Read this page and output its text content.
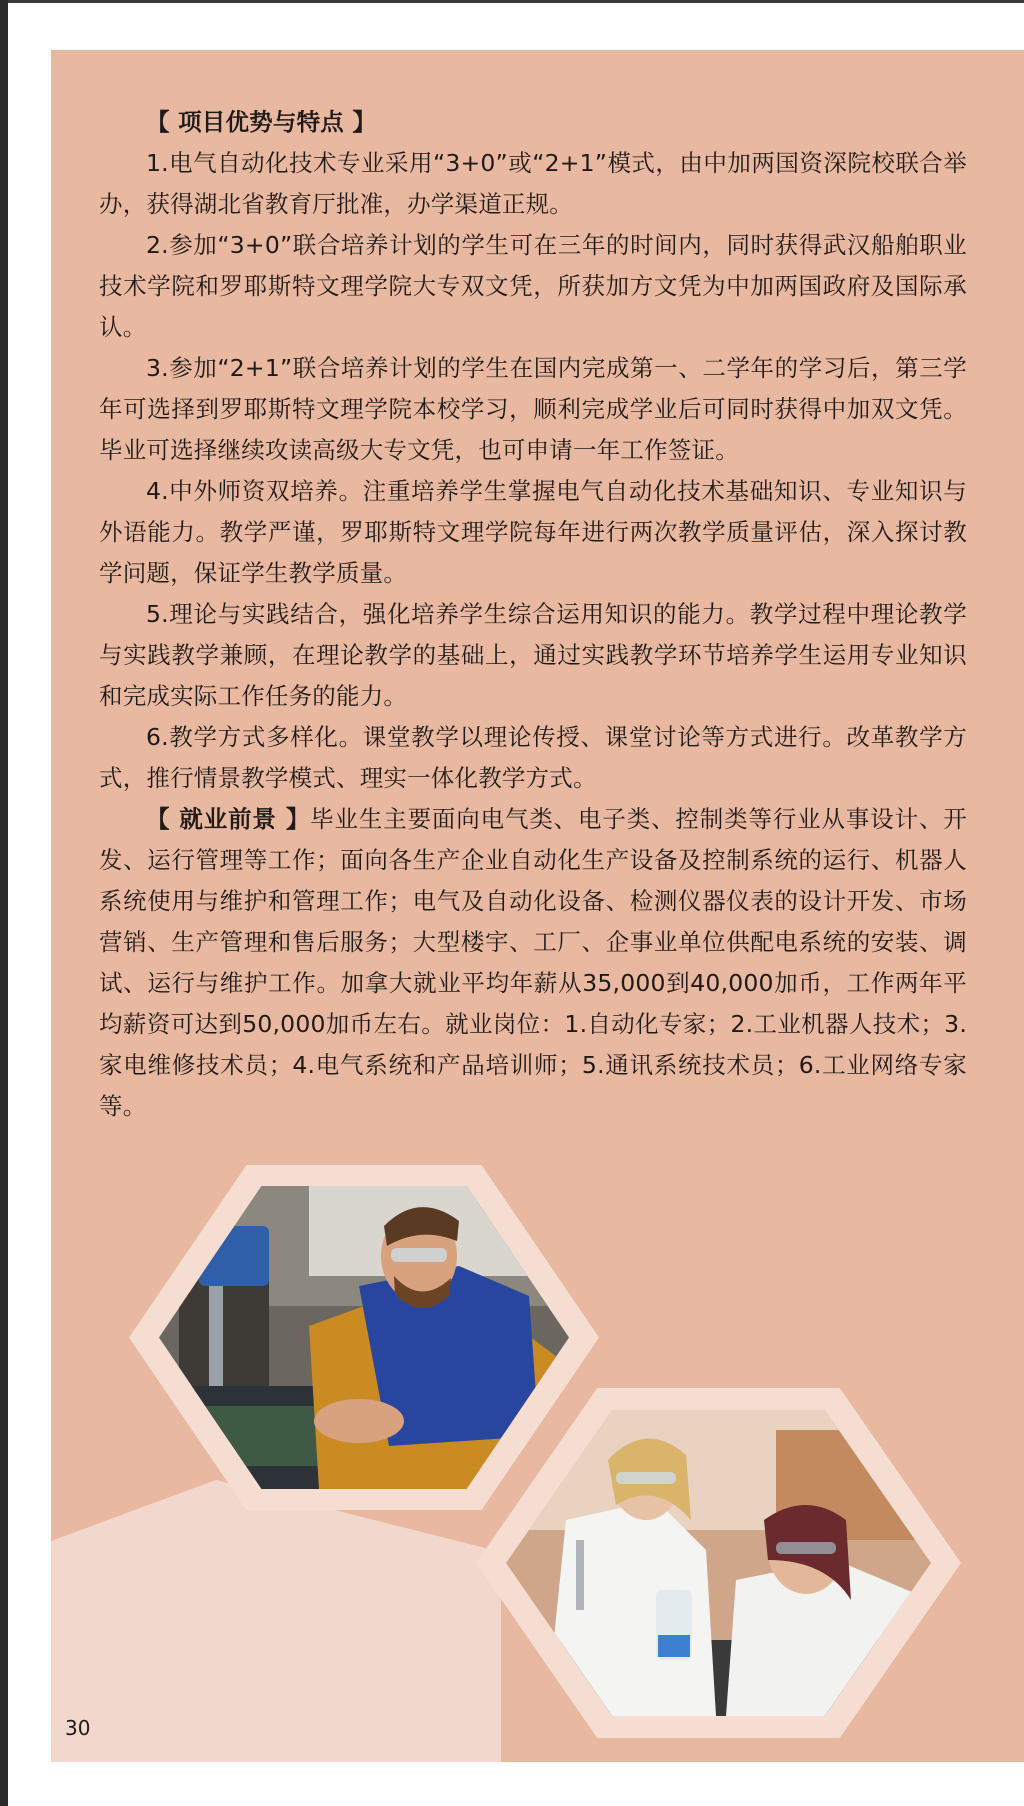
【 项目优势与特点 】

1.电气自动化技术专业采用“3+0”或“2+1”模式，由中加两国资深院校联合举办，获得湖北省教育厅批准，办学渠道正规。

2.参加“3+0”联合培养计划的学生可在三年的时间内，同时获得武汉船舶职业技术学院和罗耶斯特文理学院大专双文凭，所获加方文凭为中加两国政府及国际承认。

3.参加“2+1”联合培养计划的学生在国内完成第一、二学年的学习后，第三学年可选择到罗耶斯特文理学院本校学习，顺利完成学业后可同时获得中加双文凭。毕业可选择继续攻读高级大专文凭，也可申请一年工作签证。

4.中外师资双培养。注重培养学生掌握电气自动化技术基础知识、专业知识与外语能力。教学严谨，罗耶斯特文理学院每年进行两次教学质量评估，深入探讨教学问题，保证学生教学质量。

5.理论与实践结合，强化培养学生综合运用知识的能力。教学过程中理论教学与实践教学兼顾，在理论教学的基础上，通过实践教学环节培养学生运用专业知识和完成实际工作任务的能力。

6.教学方式多样化。课堂教学以理论传授、课堂讨论等方式进行。改革教学方式，推行情景教学模式、理实一体化教学方式。

【 就业前景 】毕业生主要面向电气类、电子类、控制类等行业从事设计、开发、运行管理等工作；面向各生产企业自动化生产设备及控制系统的运行、机器人系统使用与维护和管理工作；电气及自动化设备、检测仪器仪表的设计开发、市场营销、生产管理和售后服务；大型楼宇、工厂、企事业单位供配电系统的安装、调试、运行与维护工作。加拿大就业平均年薪从35,000到40,000加币，工作两年平均薪资可达到50,000加币左右。就业岗位：1.自动化专家；2.工业机器人技术；3.家电维修技术员；4.电气系统和产品培训师；5.通讯系统技术员；6.工业网络专家等。

30
